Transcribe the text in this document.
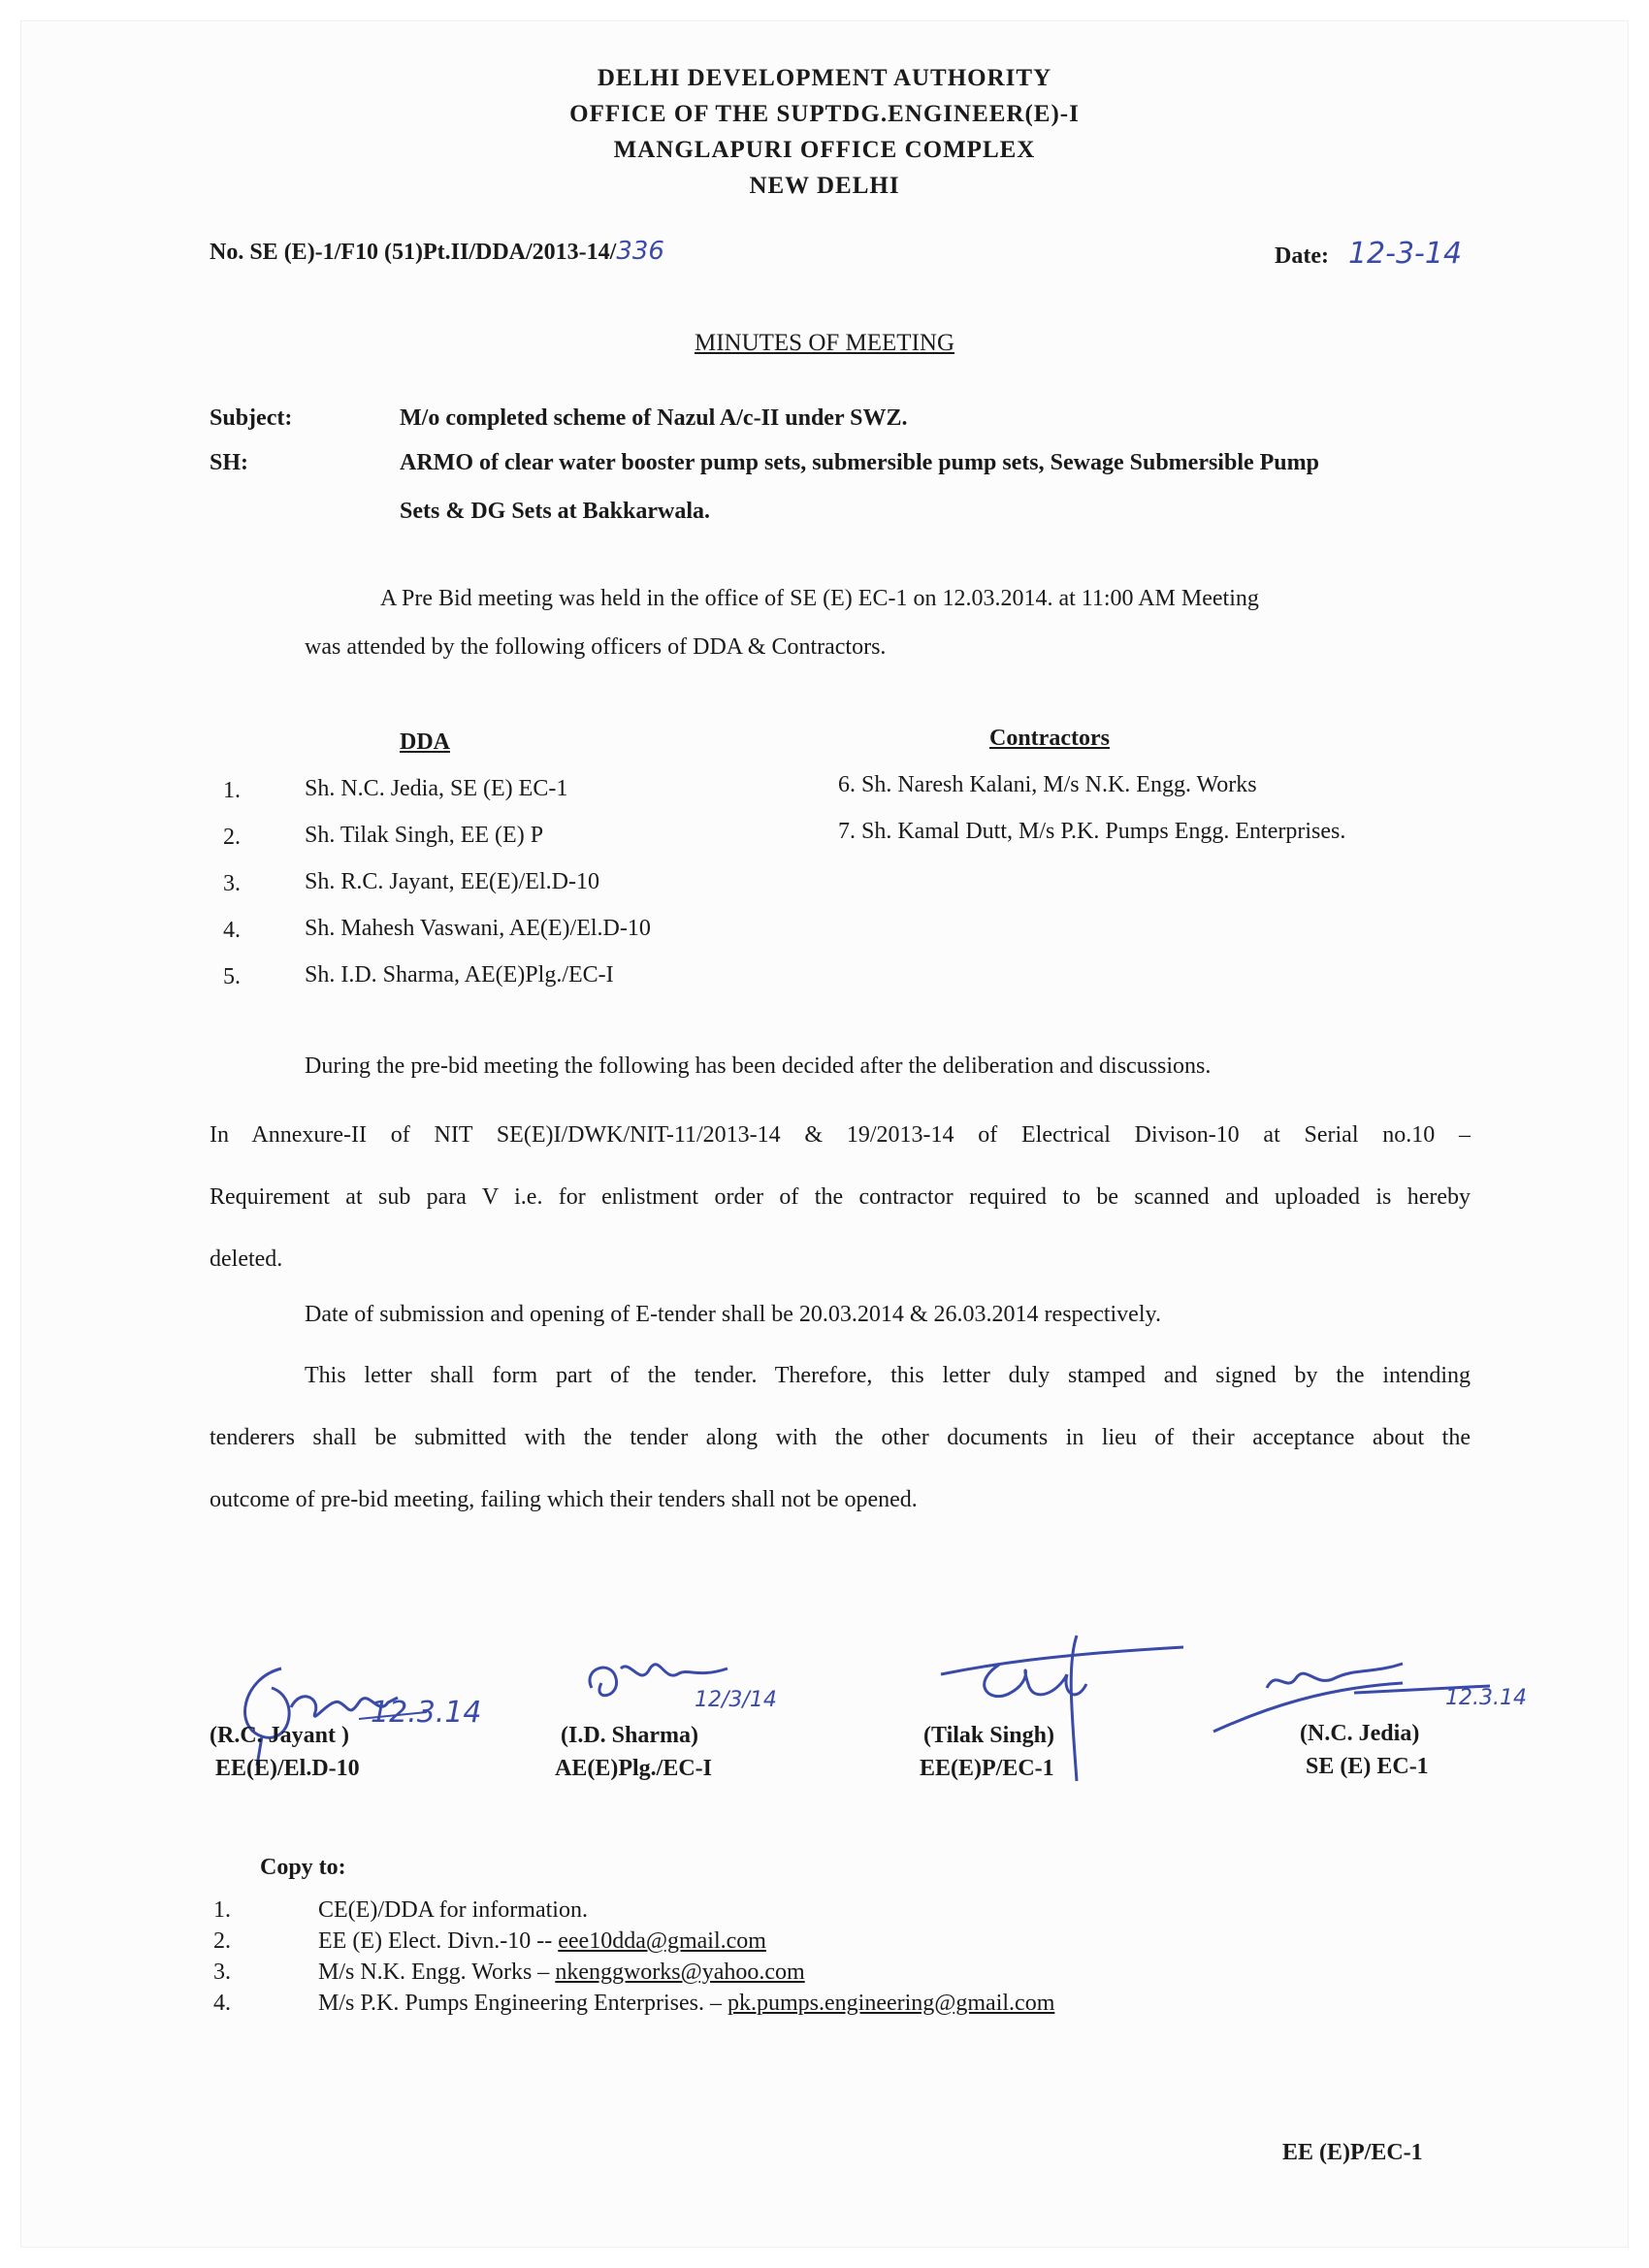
DELHI DEVELOPMENT AUTHORITY
OFFICE OF THE SUPTDG.ENGINEER(E)-I
MANGLAPURI OFFICE COMPLEX
NEW DELHI
No. SE (E)-1/F10 (51)Pt.II/DDA/2013-14/336	Date: 12-3-14
MINUTES OF MEETING
Subject:	M/o completed scheme of Nazul A/c-II under SWZ.
SH:	ARMO of clear water booster pump sets, submersible pump sets, Sewage Submersible Pump
Sets & DG Sets at Bakkarwala.
A Pre Bid meeting was held in the office of SE (E) EC-1 on 12.03.2014. at 11:00 AM Meeting
was attended by the following officers of DDA & Contractors.
DDA	Contractors
1.	Sh. N.C. Jedia, SE (E) EC-1
2.	Sh. Tilak Singh, EE (E) P
3.	Sh. R.C. Jayant, EE(E)/El.D-10
4.	Sh. Mahesh Vaswani, AE(E)/El.D-10
5.	Sh. I.D. Sharma, AE(E)Plg./EC-I
6. Sh. Naresh Kalani, M/s N.K. Engg. Works
7. Sh. Kamal Dutt, M/s P.K. Pumps Engg. Enterprises.
During the pre-bid meeting the following has been decided after the deliberation and discussions.
In Annexure-II of NIT SE(E)I/DWK/NIT-11/2013-14 & 19/2013-14 of Electrical Divison-10 at Serial no.10 –
Requirement at sub para V i.e. for enlistment order of the contractor required to be scanned and uploaded is hereby
deleted.
Date of submission and opening of E-tender shall be 20.03.2014 & 26.03.2014 respectively.
This letter shall form part of the tender. Therefore, this letter duly stamped and signed by the intending
tenderers shall be submitted with the tender along with the other documents in lieu of their acceptance about the
outcome of pre-bid meeting, failing which their tenders shall not be opened.
12.3.14	12/3/14	12.3.14
(R.C. Jayant )
EE(E)/El.D-10
(I.D. Sharma)
AE(E)Plg./EC-I
(Tilak Singh)
EE(E)P/EC-1
(N.C. Jedia)
SE (E) EC-1
Copy to:
1.	CE(E)/DDA for information.
2.	EE (E) Elect. Divn.-10 -- eee10dda@gmail.com
3.	M/s N.K. Engg. Works – nkenggworks@yahoo.com
4.	M/s P.K. Pumps Engineering Enterprises. – pk.pumps.engineering@gmail.com
EE (E)P/EC-1
